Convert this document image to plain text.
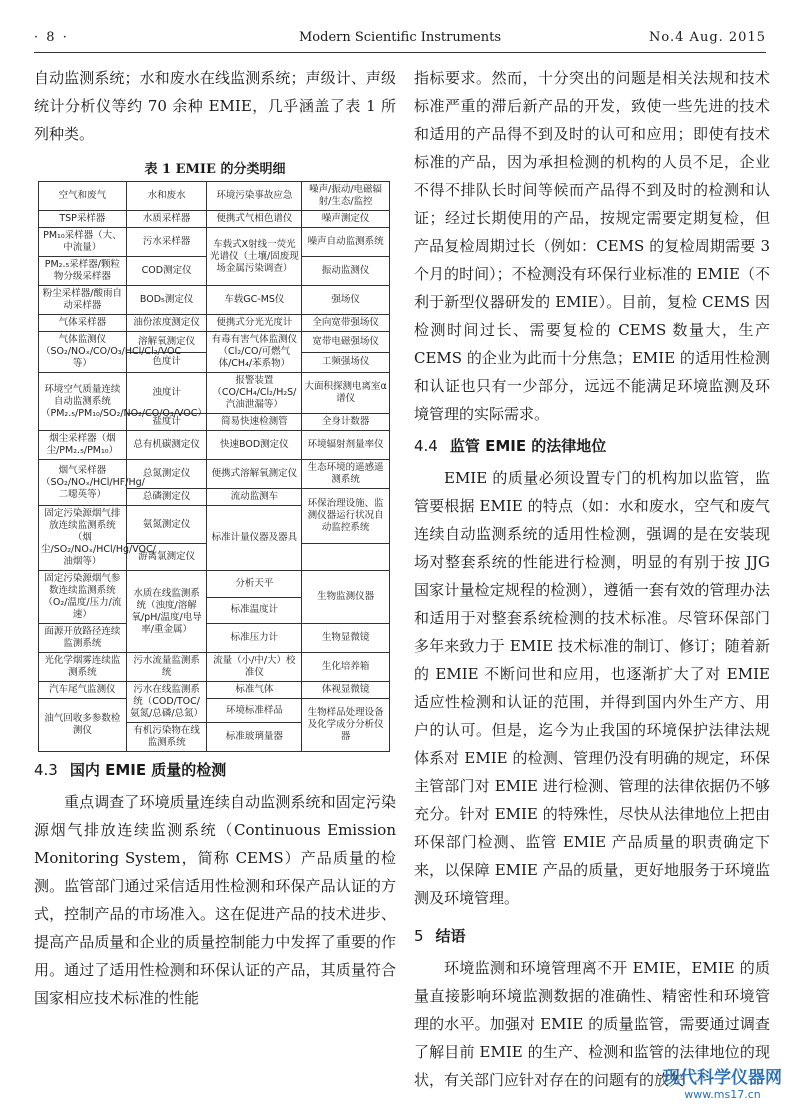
· 8 ·	Modern Scientific Instruments	No.4 Aug. 2015

自动监测系统；水和废水在线监测系统；声级计、声级统计分析仪等约 70 余种 EMIE，几乎涵盖了表 1 所列种类。

表 1 EMIE 的分类明细
空气和废气	水和废水	环境污染事故应急	噪声/振动/电磁辐射/生态/监控
TSP采样器	水质采样器	便携式气相色谱仪	噪声测定仪
PM₁₀采样器（大、中流量）	污水采样器	车载式X射线一荧光光谱仪（土壤/固废现场金属污染调查）	噪声自动监测系统
PM₂.₅采样器/颗粒物分级采样器	COD测定仪		振动监测仪
粉尘采样器/酸雨自动采样器	BOD₅测定仪	车载GC-MS仪	强场仪
气体采样器	油份浓度测定仪	便携式分光光度计	全向宽带强场仪
气体监测仪（SO₂/NOₓ/CO/O₃/HCl/Cl₂/VOC等）	溶解氧测定仪	有毒有害气体监测仪（Cl₂/CO/可燃气体/CH₄/苯系物）	宽带电磁强场仪
	色度计		工频强场仪
环境空气质量连续自动监测系统（PM₂.₅/PM₁₀/SO₂/NO₂/CO/O₃/VOC）	浊度计	报警装置（CO/CH₄/Cl₂/H₂S/汽油泄漏等）	大面积探测电离室α谱仪
	盐度计	简易快速检测管	全身计数器
烟尘采样器（烟尘/PM₂.₅/PM₁₀）	总有机碳测定仪	快速BOD测定仪	环境辐射剂量率仪
烟气采样器（SO₂/NOₓ/HCl/HF/Hg/二噁英等）	总氮测定仪	便携式溶解氧测定仪	生态环境的遥感遥测系统
	总磷测定仪	流动监测车	环保治理设施、监测仪器运行状况自动监控系统
固定污染源烟气排放连续监测系统（烟尘/SO₂/NOₓ/HCl/Hg/VOC/油烟等）	氨氮测定仪	标准计量仪器及器具	
	游离氯测定仪		
固定污染源烟气参数连续监测系统（O₂/温度/压力/流速）	水质在线监测系统（浊度/溶解氧/pH/温度/电导率/重金属）	分析天平	生物监测仪器
		标准温度计	
面源开放路径连续监测系统		标准压力计	生物显微镜
光化学烟雾连续监测系统	污水流量监测系统	流量（小/中/大）校准仪	生化培养箱
汽车尾气监测仪	污水在线监测系统（COD/TOC/氨氮/总磷/总氮）	标准气体	体视显微镜
油气回收多参数检测仪		环境标准样品	生物样品处理设备及化学成分分析仪器
	有机污染物在线监测系统	标准玻璃量器	
4.3 国内 EMIE 质量的检测

重点调查了环境质量连续自动监测系统和固定污染源烟气排放连续监测系统（Continuous Emission Monitoring System，简称 CEMS）产品质量的检测。监管部门通过采信适用性检测和环保产品认证的方式，控制产品的市场准入。这在促进产品的技术进步、提高产品质量和企业的质量控制能力中发挥了重要的作用。通过了适用性检测和环保认证的产品，其质量符合国家相应技术标准的性能

指标要求。然而，十分突出的问题是相关法规和技术标准严重的滞后新产品的开发，致使一些先进的技术和适用的产品得不到及时的认可和应用；即使有技术标准的产品，因为承担检测的机构的人员不足，企业不得不排队长时间等候而产品得不到及时的检测和认证；经过长期使用的产品，按规定需要定期复检，但产品复检周期过长（例如：CEMS 的复检周期需要 3 个月的时间）；不检测没有环保行业标准的 EMIE（不利于新型仪器研发的 EMIE）。目前，复检 CEMS 因检测时间过长、需要复检的 CEMS 数量大，生产 CEMS 的企业为此而十分焦急；EMIE 的适用性检测和认证也只有一少部分，远远不能满足环境监测及环境管理的实际需求。

4.4 监管 EMIE 的法律地位

EMIE 的质量必须设置专门的机构加以监管，监管要根据 EMIE 的特点（如：水和废水，空气和废气连续自动监测系统的适用性检测，强调的是在安装现场对整套系统的性能进行检测，明显的有别于按 JJG 国家计量检定规程的检测），遵循一套有效的管理办法和适用于对整套系统检测的技术标准。尽管环保部门多年来致力于 EMIE 技术标准的制订、修订；随着新的 EMIE 不断问世和应用，也逐渐扩大了对 EMIE 适应性检测和认证的范围，并得到国内外生产方、用户的认可。但是，迄今为止我国的环境保护法律法规体系对 EMIE 的检测、管理仍没有明确的规定，环保主管部门对 EMIE 进行检测、管理的法律依据仍不够充分。针对 EMIE 的特殊性，尽快从法律地位上把由环保部门检测、监管 EMIE 产品质量的职责确定下来，以保障 EMIE 产品的质量，更好地服务于环境监测及环境管理。

5 结语

环境监测和环境管理离不开 EMIE，EMIE 的质量直接影响环境监测数据的准确性、精密性和环境管理的水平。加强对 EMIE 的质量监管，需要通过调查了解目前 EMIE 的生产、检测和监管的法律地位的现状，有关部门应针对存在的问题有的放矢

现代科学仪器网
www.ms17.cn
